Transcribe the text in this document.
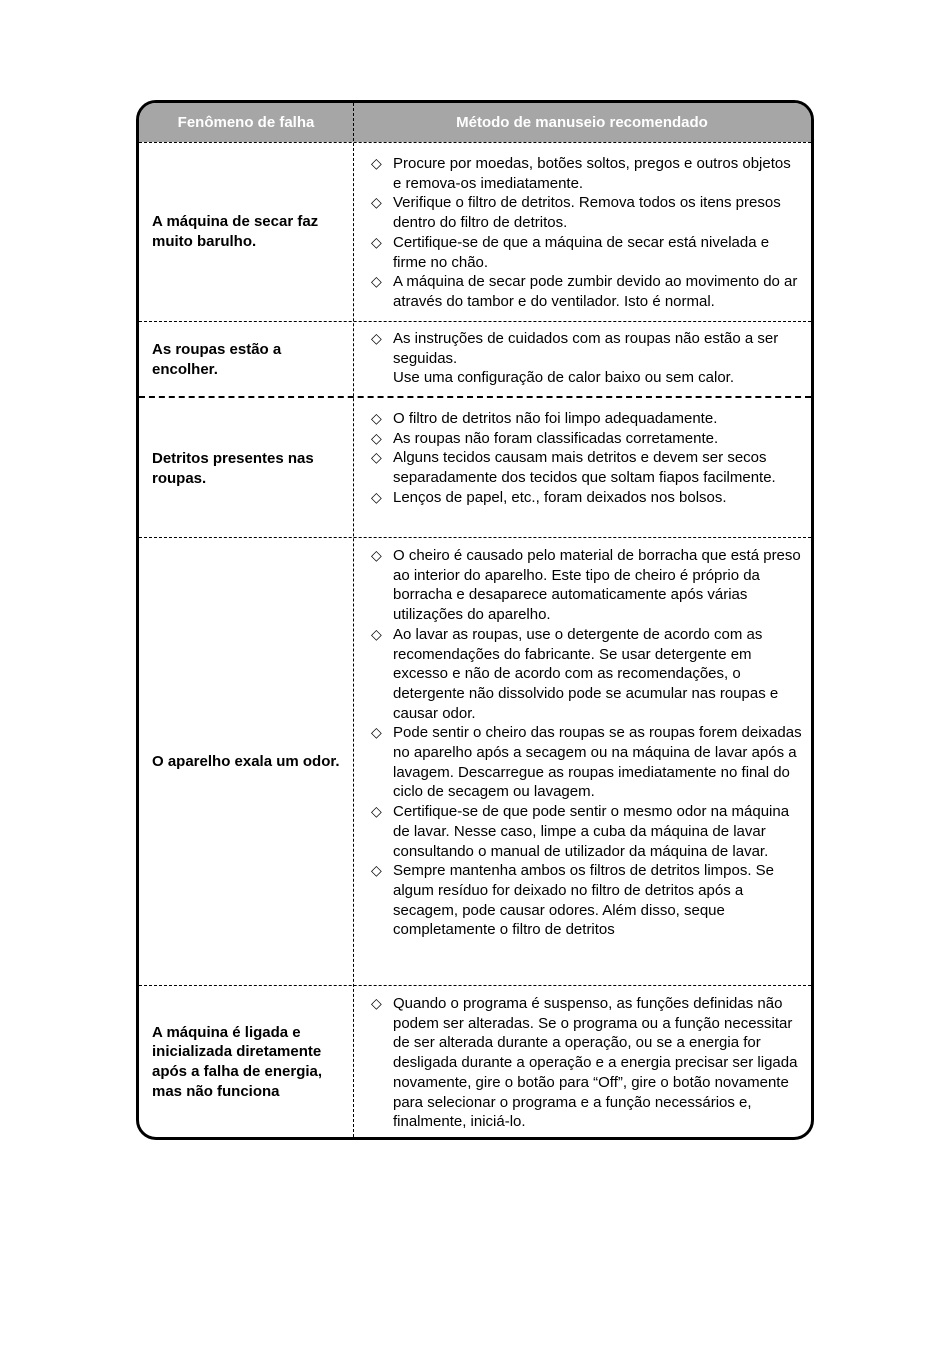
Fenômeno de falha	Método de manuseio recomendado
A máquina de secar faz muito barulho.
◇ Procure por moedas, botões soltos, pregos e outros objetos e remova-os imediatamente.
◇ Verifique o filtro de detritos. Remova todos os itens presos dentro do filtro de detritos.
◇ Certifique-se de que a máquina de secar está nivelada e firme no chão.
◇ A máquina de secar pode zumbir devido ao movimento do ar através do tambor e do ventilador. Isto é normal.
As roupas estão a encolher.
◇ As instruções de cuidados com as roupas não estão a ser seguidas.
Use uma configuração de calor baixo ou sem calor.
Detritos presentes nas roupas.
◇ O filtro de detritos não foi limpo adequadamente.
◇ As roupas não foram classificadas corretamente.
◇ Alguns tecidos causam mais detritos e devem ser secos separadamente dos tecidos que soltam fiapos facilmente.
◇ Lenços de papel, etc., foram deixados nos bolsos.
O aparelho exala um odor.
◇ O cheiro é causado pelo material de borracha que está preso ao interior do aparelho. Este tipo de cheiro é próprio da borracha e desaparece automaticamente após várias utilizações do aparelho.
◇ Ao lavar as roupas, use o detergente de acordo com as recomendações do fabricante. Se usar detergente em excesso e não de acordo com as recomendações, o detergente não dissolvido pode se acumular nas roupas e causar odor.
◇ Pode sentir o cheiro das roupas se as roupas forem deixadas no aparelho após a secagem ou na máquina de lavar após a lavagem. Descarregue as roupas imediatamente no final do ciclo de secagem ou lavagem.
◇ Certifique-se de que pode sentir o mesmo odor na máquina de lavar. Nesse caso, limpe a cuba da máquina de lavar consultando o manual de utilizador da máquina de lavar.
◇ Sempre mantenha ambos os filtros de detritos limpos. Se algum resíduo for deixado no filtro de detritos após a secagem, pode causar odores. Além disso, seque completamente o filtro de detritos
A máquina é ligada e inicializada diretamente após a falha de energia, mas não funciona
◇ Quando o programa é suspenso, as funções definidas não podem ser alteradas. Se o programa ou a função necessitar de ser alterada durante a operação, ou se a energia for desligada durante a operação e a energia precisar ser ligada novamente, gire o botão para “Off”, gire o botão novamente para selecionar o programa e a função necessários e, finalmente, iniciá-lo.
